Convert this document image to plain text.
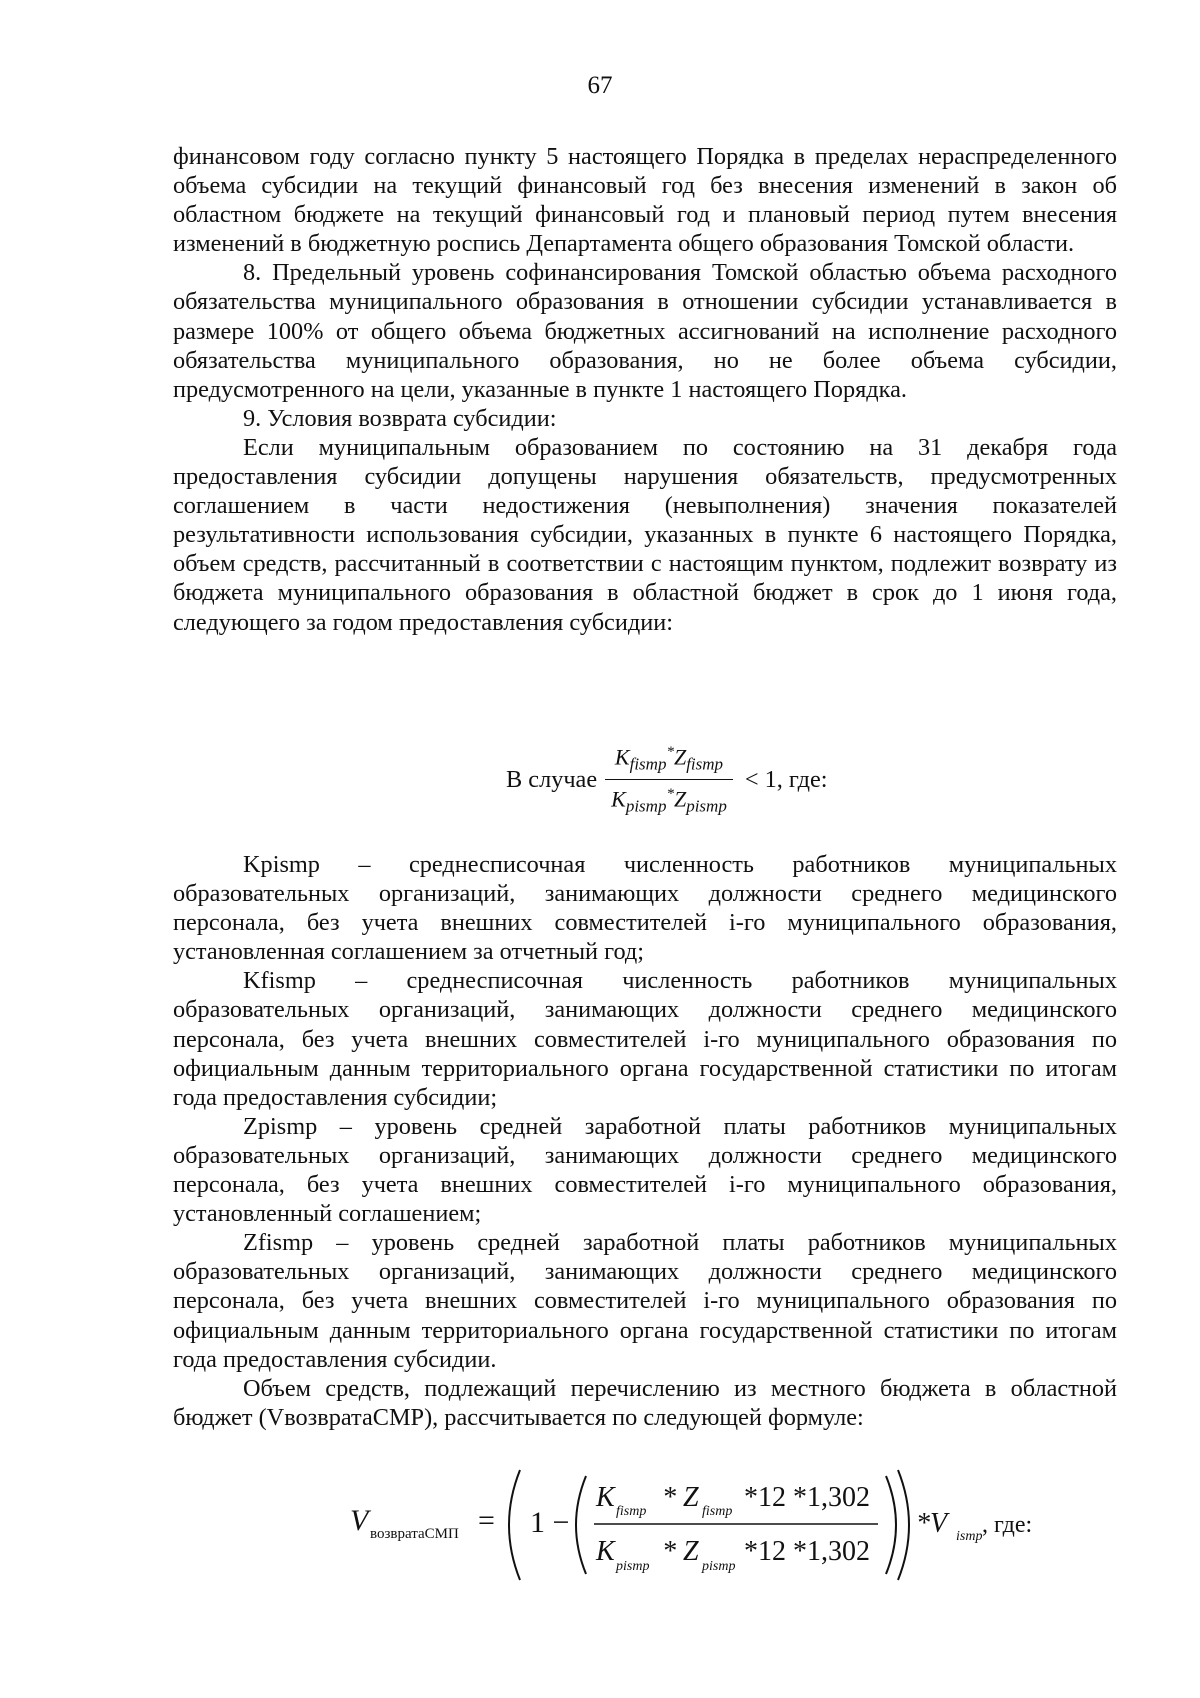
67

финансовом году согласно пункту 5 настоящего Порядка в пределах нераспределенного объема субсидии на текущий финансовый год без внесения изменений в закон об областном бюджете на текущий финансовый год и плановый период путем внесения изменений в бюджетную роспись Департамента общего образования Томской области.

8. Предельный уровень софинансирования Томской областью объема расходного обязательства муниципального образования в отношении субсидии устанавливается в размере 100% от общего объема бюджетных ассигнований на исполнение расходного обязательства муниципального образования, но не более объема субсидии, предусмотренного на цели, указанные в пункте 1 настоящего Порядка.

9. Условия возврата субсидии:

Если муниципальным образованием по состоянию на 31 декабря года предоставления субсидии допущены нарушения обязательств, предусмотренных соглашением в части недостижения (невыполнения) значения показателей результативности использования субсидии, указанных в пункте 6 настоящего Порядка, объем средств, рассчитанный в соответствии с настоящим пунктом, подлежит возврату из бюджета муниципального образования в областной бюджет в срок до 1 июня года, следующего за годом предоставления субсидии:

В случае $\frac{K_{fismp}^*Z_{fismp}}{K_{pismp}^*Z_{pismp}} < 1$, где:

Kpismp – среднесписочная численность работников муниципальных образовательных организаций, занимающих должности среднего медицинского персонала, без учета внешних совместителей i-го муниципального образования, установленная соглашением за отчетный год;

Kfismp – среднесписочная численность работников муниципальных образовательных организаций, занимающих должности среднего медицинского персонала, без учета внешних совместителей i-го муниципального образования по официальным данным территориального органа государственной статистики по итогам года предоставления субсидии;

Zpismp – уровень средней заработной платы работников муниципальных образовательных организаций, занимающих должности среднего медицинского персонала, без учета внешних совместителей i-го муниципального образования, установленный соглашением;

Zfismp – уровень средней заработной платы работников муниципальных образовательных организаций, занимающих должности среднего медицинского персонала, без учета внешних совместителей i-го муниципального образования по официальным данным территориального органа государственной статистики по итогам года предоставления субсидии.

Объем средств, подлежащий перечислению из местного бюджета в областной бюджет (VвозвратаСМР), рассчитывается по следующей формуле:

V возвратаСМП = 1 −
K fismp * Z fismp *12 *1,302
K pismp * Z pismp *12 *1,302
*V ismp , где:
